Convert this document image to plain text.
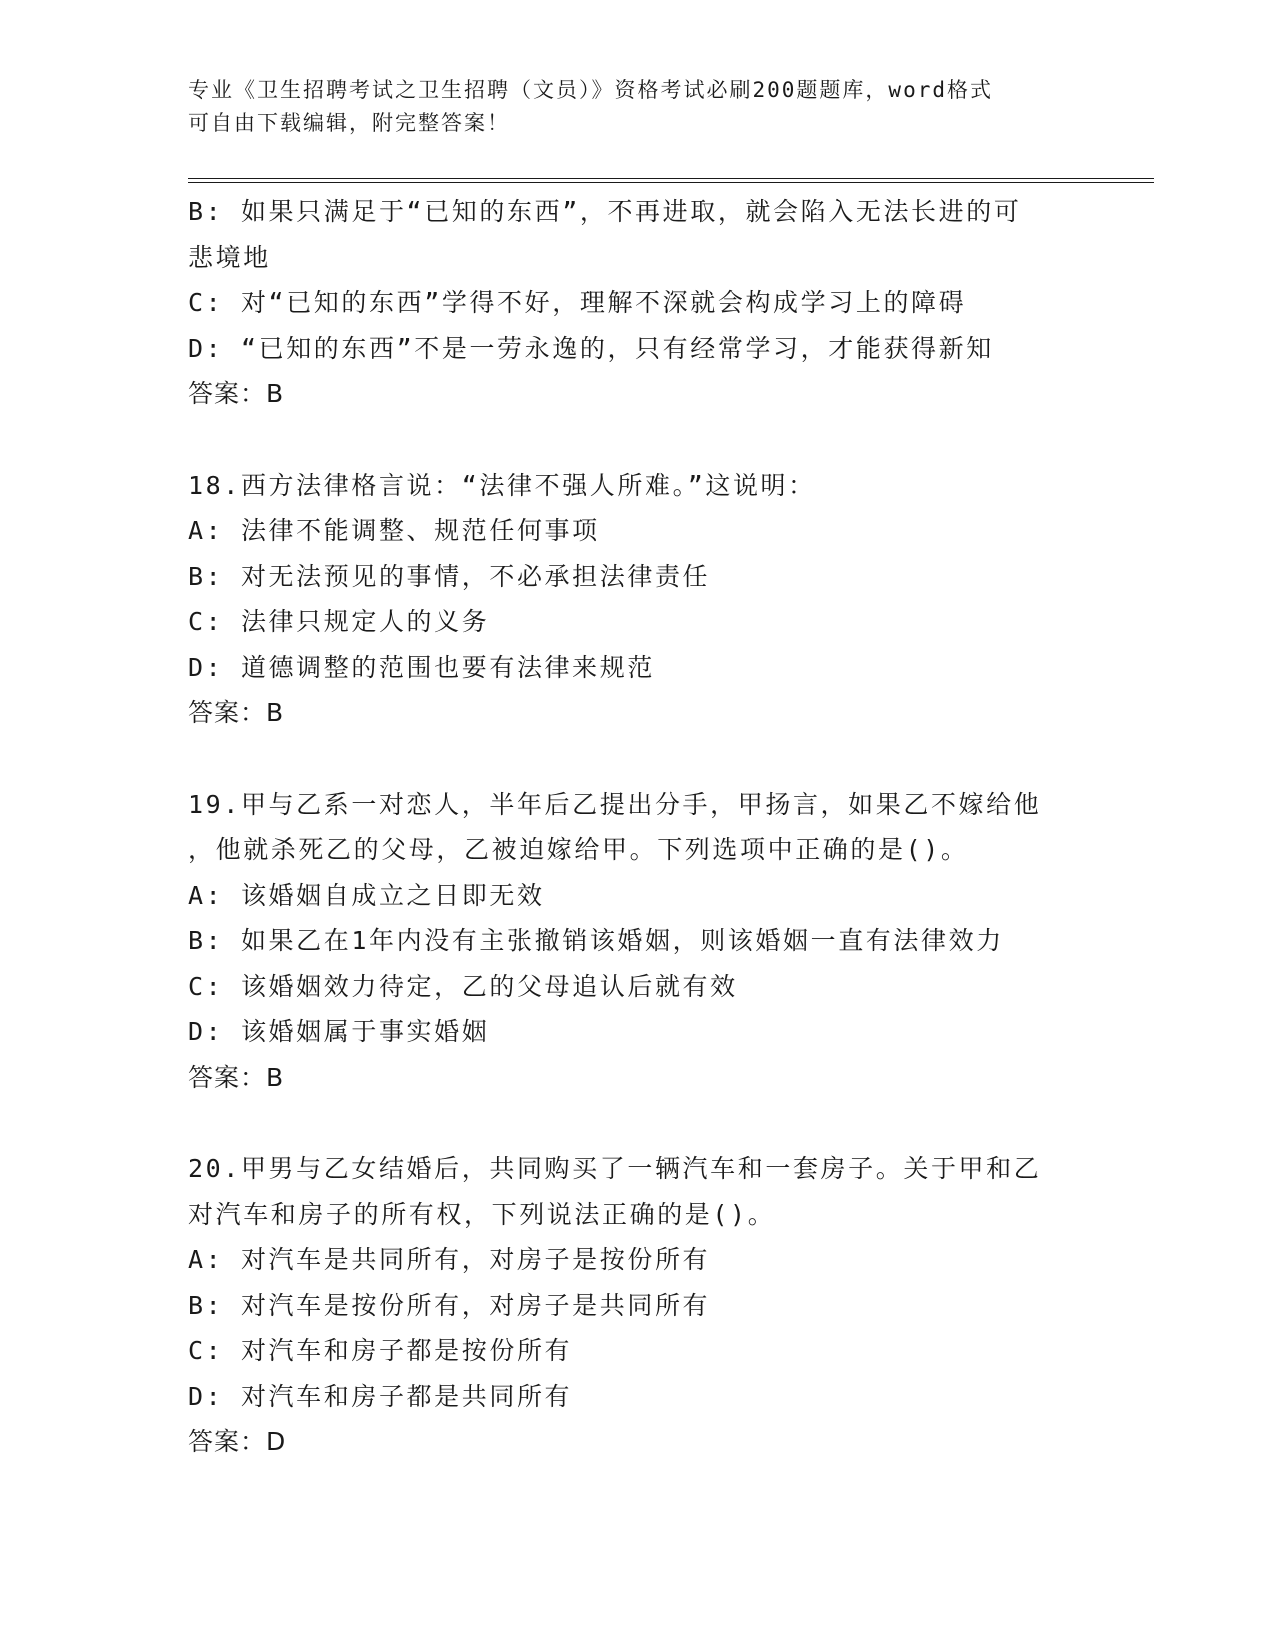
专业《卫生招聘考试之卫生招聘（文员）》资格考试必刷200题题库，word格式
可自由下载编辑，附完整答案！
B: 如果只满足于“已知的东西”，不再进取，就会陷入无法长进的可
悲境地
C: 对“已知的东西”学得不好，理解不深就会构成学习上的障碍
D: “已知的东西”不是一劳永逸的，只有经常学习，才能获得新知
答案：B
18.西方法律格言说：“法律不强人所难。”这说明：
A: 法律不能调整、规范任何事项
B: 对无法预见的事情，不必承担法律责任
C: 法律只规定人的义务
D: 道德调整的范围也要有法律来规范
答案：B
19.甲与乙系一对恋人，半年后乙提出分手，甲扬言，如果乙不嫁给他
，他就杀死乙的父母，乙被迫嫁给甲。下列选项中正确的是()。
A: 该婚姻自成立之日即无效
B: 如果乙在1年内没有主张撤销该婚姻，则该婚姻一直有法律效力
C: 该婚姻效力待定，乙的父母追认后就有效
D: 该婚姻属于事实婚姻
答案：B
20.甲男与乙女结婚后，共同购买了一辆汽车和一套房子。关于甲和乙
对汽车和房子的所有权，下列说法正确的是()。
A: 对汽车是共同所有，对房子是按份所有
B: 对汽车是按份所有，对房子是共同所有
C: 对汽车和房子都是按份所有
D: 对汽车和房子都是共同所有
答案：D
